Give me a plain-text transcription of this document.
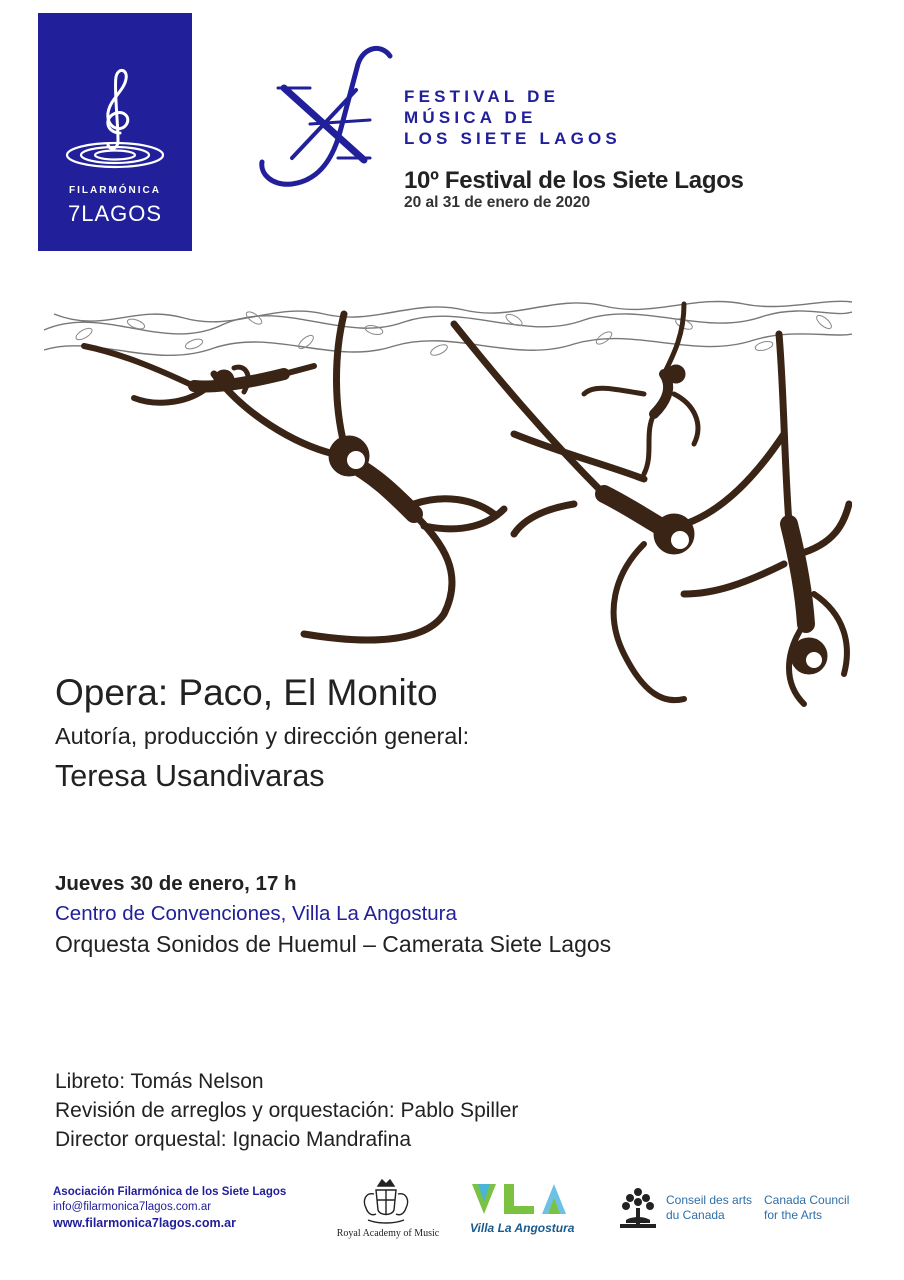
FILARMÓNICA
7LAGOS
FESTIVAL DE
MÚSICA DE
LOS SIETE LAGOS
10º Festival de los Siete Lagos
20 al 31 de enero de 2020
Opera: Paco, El Monito
Autoría, producción y dirección general:
Teresa Usandivaras
Jueves 30 de enero, 17 h
Centro de Convenciones, Villa La Angostura
Orquesta Sonidos de Huemul – Camerata Siete Lagos
Libreto: Tomás Nelson
Revisión de arreglos y orquestación: Pablo Spiller
Director orquestal: Ignacio Mandrafina
Asociación Filarmónica de los Siete Lagos
info@filarmonica7lagos.com.ar
www.filarmonica7lagos.com.ar
Royal Academy of Music	Villa La Angostura
Conseil des arts
du Canada
Canada Council
for the Arts
